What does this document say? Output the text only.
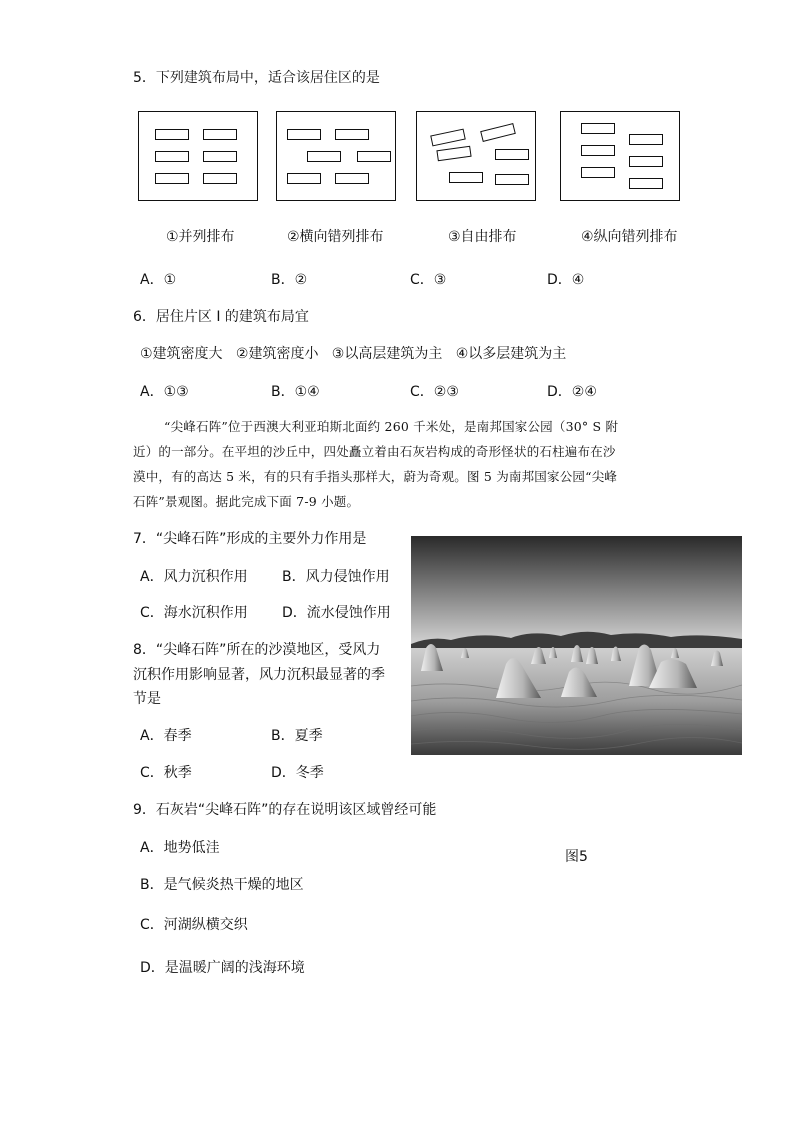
5．下列建筑布局中，适合该居住区的是
①并列排布	②横向错列排布	③自由排布	④纵向错列排布
A．①	B．②	C．③	D．④
6．居住片区 I 的建筑布局宜
①建筑密度大   ②建筑密度小   ③以高层建筑为主   ④以多层建筑为主
A．①③	B．①④	C．②③	D．②④
“尖峰石阵”位于西澳大利亚珀斯北面约 260 千米处，是南邦国家公园（30° S 附
近）的一部分。在平坦的沙丘中，四处矗立着由石灰岩构成的奇形怪状的石柱遍布在沙
漠中，有的高达 5 米，有的只有手指头那样大，蔚为奇观。图 5 为南邦国家公园“尖峰
石阵”景观图。据此完成下面 7-9 小题。
7．“尖峰石阵”形成的主要外力作用是
A．风力沉积作用 B．风力侵蚀作用
C．海水沉积作用 D．流水侵蚀作用
8．“尖峰石阵”所在的沙漠地区，受风力
沉积作用影响显著，风力沉积最显著的季
节是
A．春季	B．夏季
C．秋季	D．冬季
9．石灰岩“尖峰石阵”的存在说明该区域曾经可能
A．地势低洼
图5
B．是气候炎热干燥的地区
C．河湖纵横交织
D．是温暖广阔的浅海环境
